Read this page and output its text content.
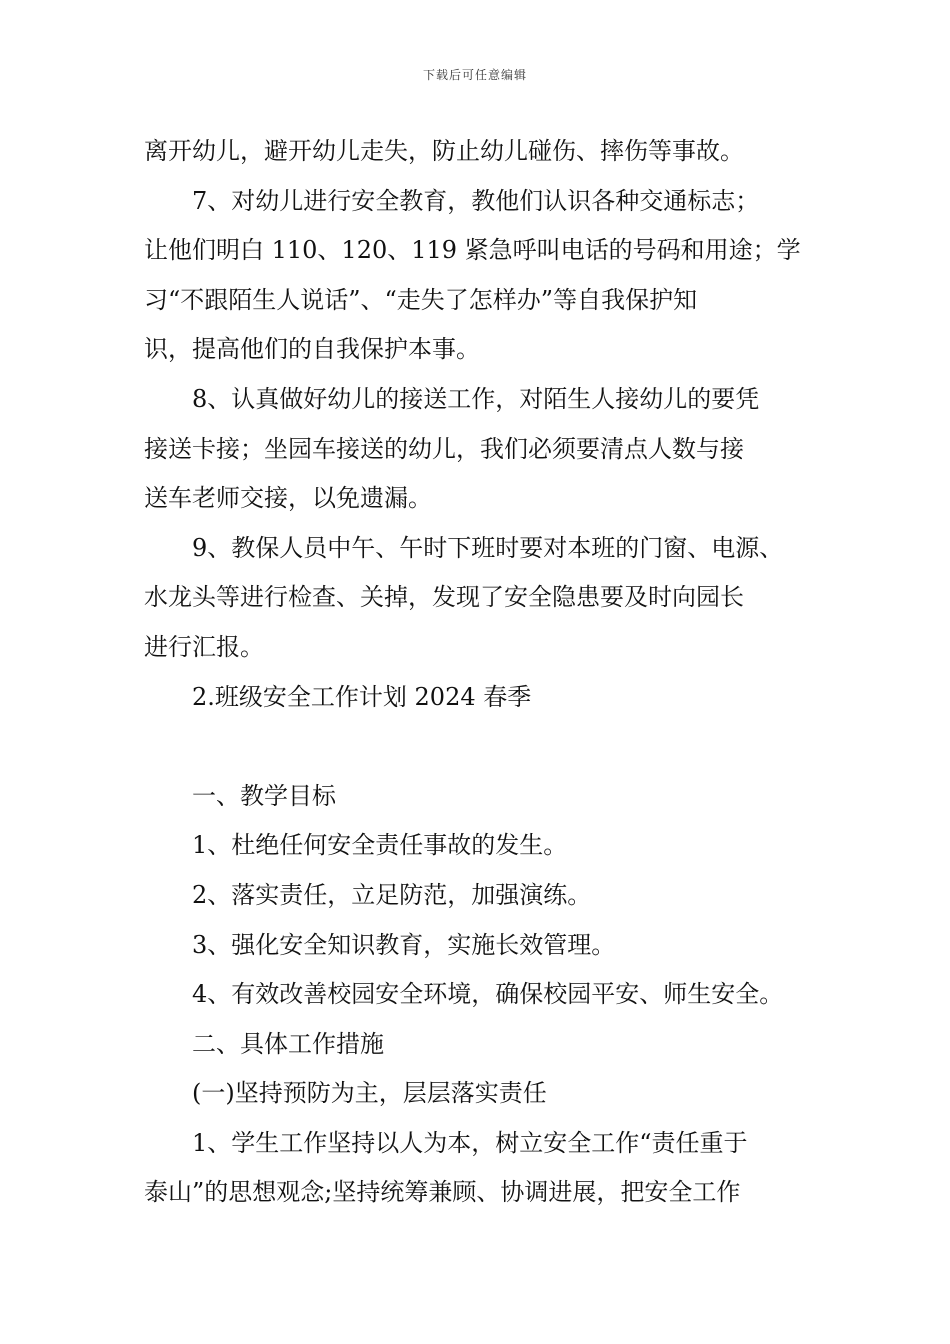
下载后可任意编辑
离开幼儿，避开幼儿走失，防止幼儿碰伤、摔伤等事故。
7、对幼儿进行安全教育，教他们认识各种交通标志；
让他们明白 110、120、119 紧急呼叫电话的号码和用途；学
习“不跟陌生人说话”、“走失了怎样办”等自我保护知
识，提高他们的自我保护本事。
8、认真做好幼儿的接送工作，对陌生人接幼儿的要凭
接送卡接；坐园车接送的幼儿，我们必须要清点人数与接
送车老师交接，以免遗漏。
9、教保人员中午、午时下班时要对本班的门窗、电源、
水龙头等进行检查、关掉，发现了安全隐患要及时向园长
进行汇报。
2.班级安全工作计划 2024 春季
一、教学目标
1、杜绝任何安全责任事故的发生。
2、落实责任，立足防范，加强演练。
3、强化安全知识教育，实施长效管理。
4、有效改善校园安全环境，确保校园平安、师生安全。
二、具体工作措施
(一)坚持预防为主，层层落实责任
1、学生工作坚持以人为本，树立安全工作“责任重于
泰山”的思想观念;坚持统筹兼顾、协调进展，把安全工作
